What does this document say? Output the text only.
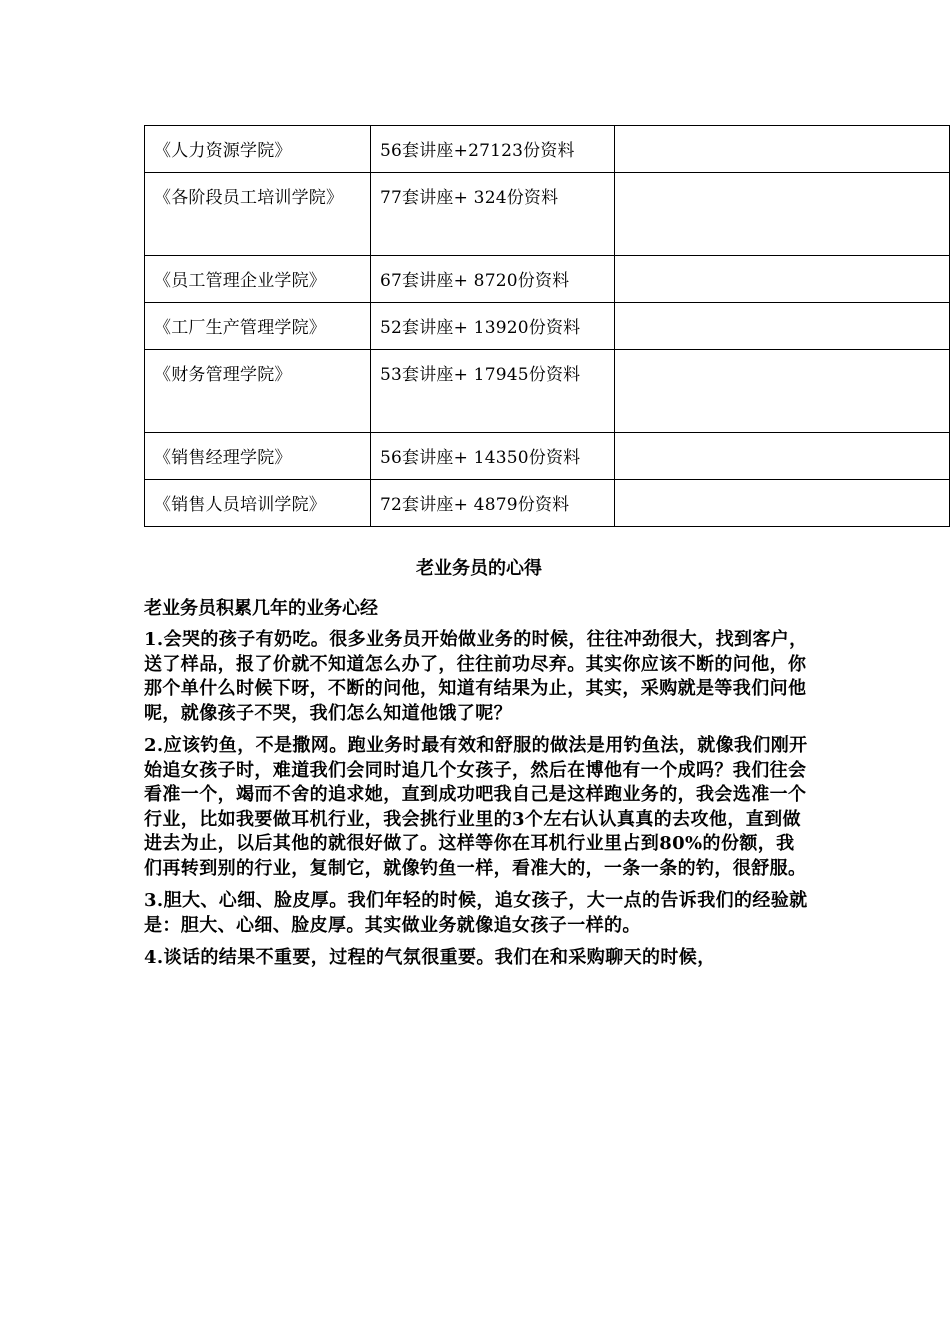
《人力资源学院》	56套讲座+27123份资料	
《各阶段员工培训学院》	77套讲座+ 324份资料	
《员工管理企业学院》	67套讲座+ 8720份资料	
《工厂生产管理学院》	52套讲座+ 13920份资料	
《财务管理学院》	53套讲座+ 17945份资料	
《销售经理学院》	56套讲座+ 14350份资料	
《销售人员培训学院》	72套讲座+ 4879份资料	
老业务员的心得

老业务员积累几年的业务心经

1.会哭的孩子有奶吃。很多业务员开始做业务的时候，往往冲劲很大，找到客户，送了样品，报了价就不知道怎么办了，往往前功尽弃。其实你应该不断的问他，你那个单什么时候下呀，不断的问他，知道有结果为止，其实，采购就是等我们问他呢，就像孩子不哭，我们怎么知道他饿了呢？

2.应该钓鱼，不是撒网。跑业务时最有效和舒服的做法是用钓鱼法，就像我们刚开始追女孩子时，难道我们会同时追几个女孩子，然后在博他有一个成吗？我们往会看准一个，竭而不舍的追求她，直到成功吧我自己是这样跑业务的，我会选准一个行业，比如我要做耳机行业，我会挑行业里的3个左右认认真真的去攻他，直到做进去为止，以后其他的就很好做了。这样等你在耳机行业里占到80%的份额，我们再转到别的行业，复制它，就像钓鱼一样，看准大的，一条一条的钓，很舒服。

3.胆大、心细、脸皮厚。我们年轻的时候，追女孩子，大一点的告诉我们的经验就是：胆大、心细、脸皮厚。其实做业务就像追女孩子一样的。

4.谈话的结果不重要，过程的气氛很重要。我们在和采购聊天的时候，
